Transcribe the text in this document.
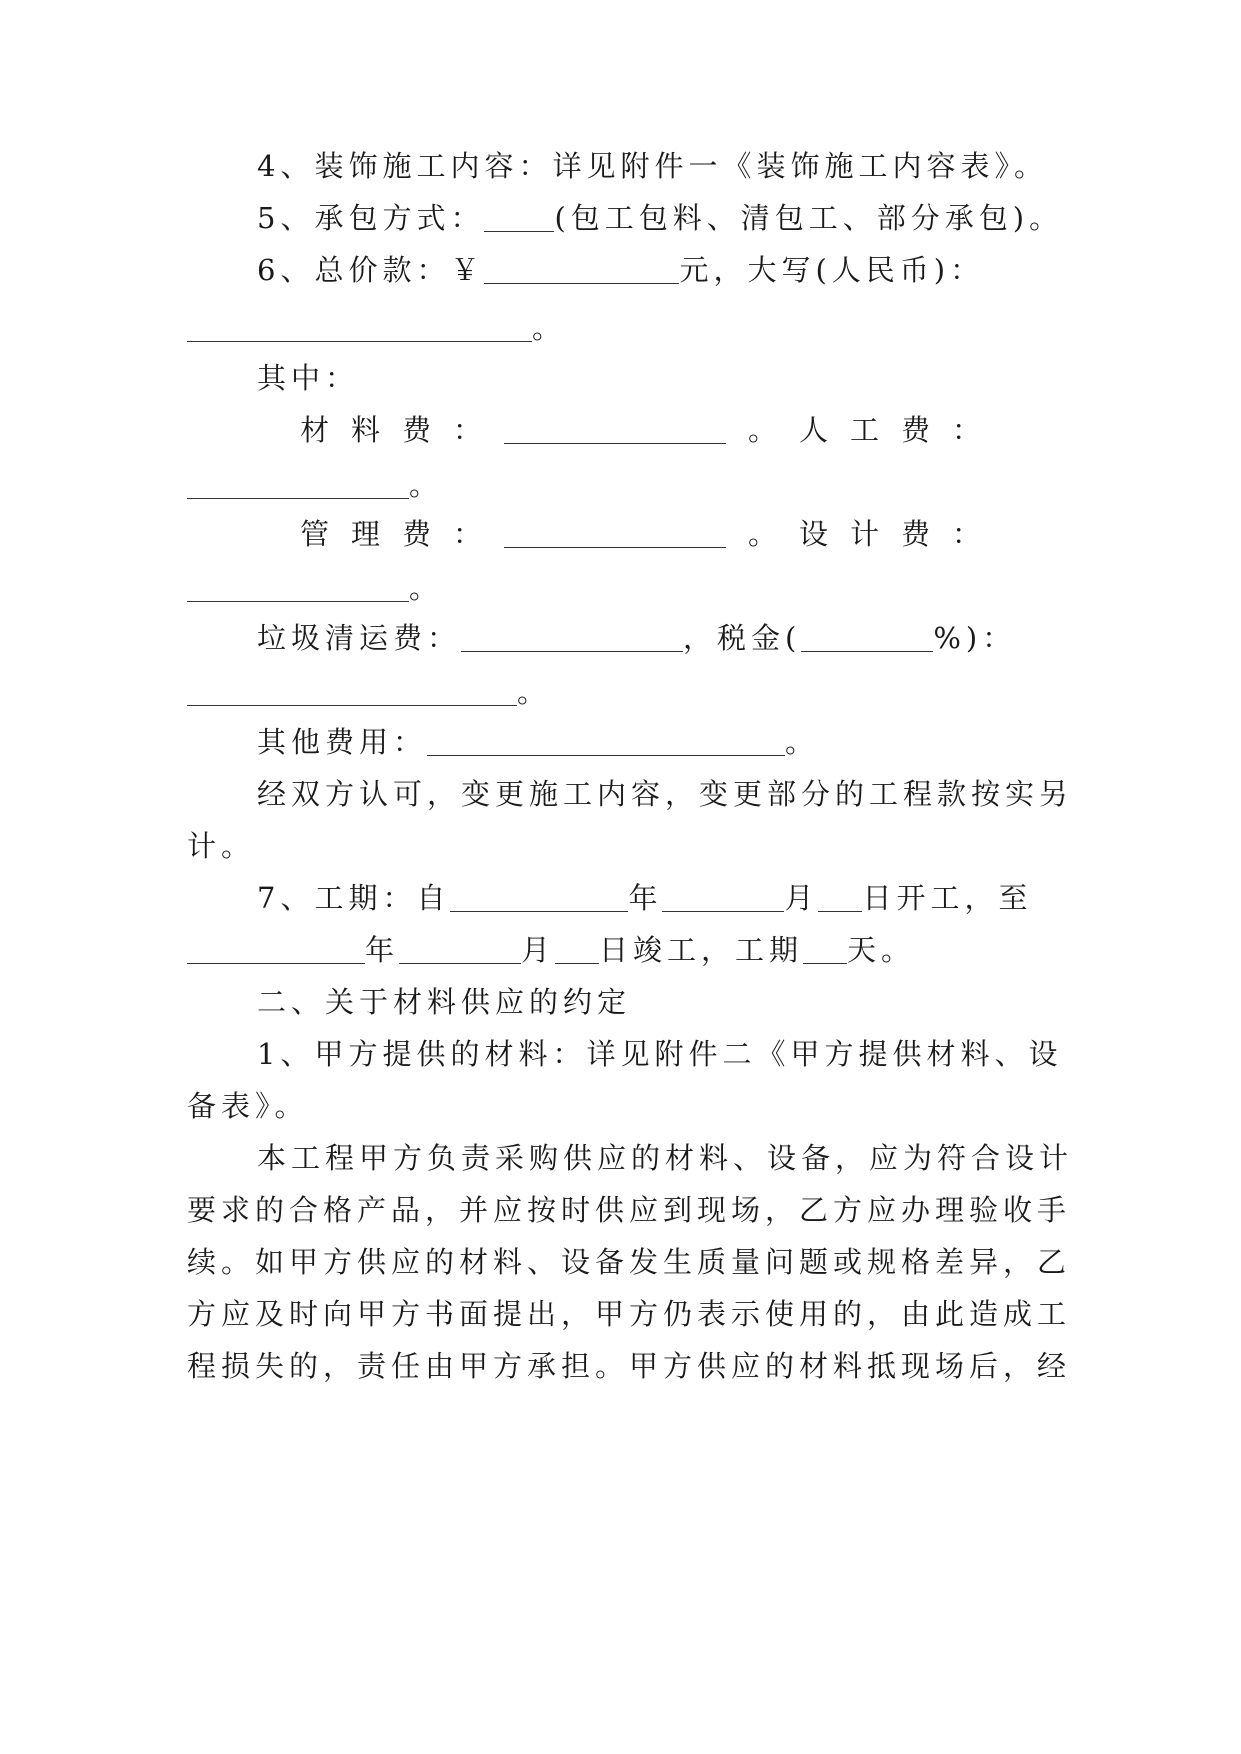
4、装饰施工内容：详见附件一《装饰施工内容表》。
5、承包方式： (包工包料、清包工、部分承包)。
6、总价款：￥	元，大写(人民币)：
。
其中：
材料费：	。人工费：
。
管理费：	。设计费：
。
垃圾清运费：	，税金(	%)：
。
其他费用：	。
经双方认可，变更施工内容，变更部分的工程款按实另
计。
7、工期：自	年	月 日开工，至
年	月 日竣工，工期 天。
二、关于材料供应的约定
1、甲方提供的材料：详见附件二《甲方提供材料、设
备表》。
本工程甲方负责采购供应的材料、设备，应为符合设计
要求的合格产品，并应按时供应到现场，乙方应办理验收手
续。如甲方供应的材料、设备发生质量问题或规格差异，乙
方应及时向甲方书面提出，甲方仍表示使用的，由此造成工
程损失的，责任由甲方承担。甲方供应的材料抵现场后，经
